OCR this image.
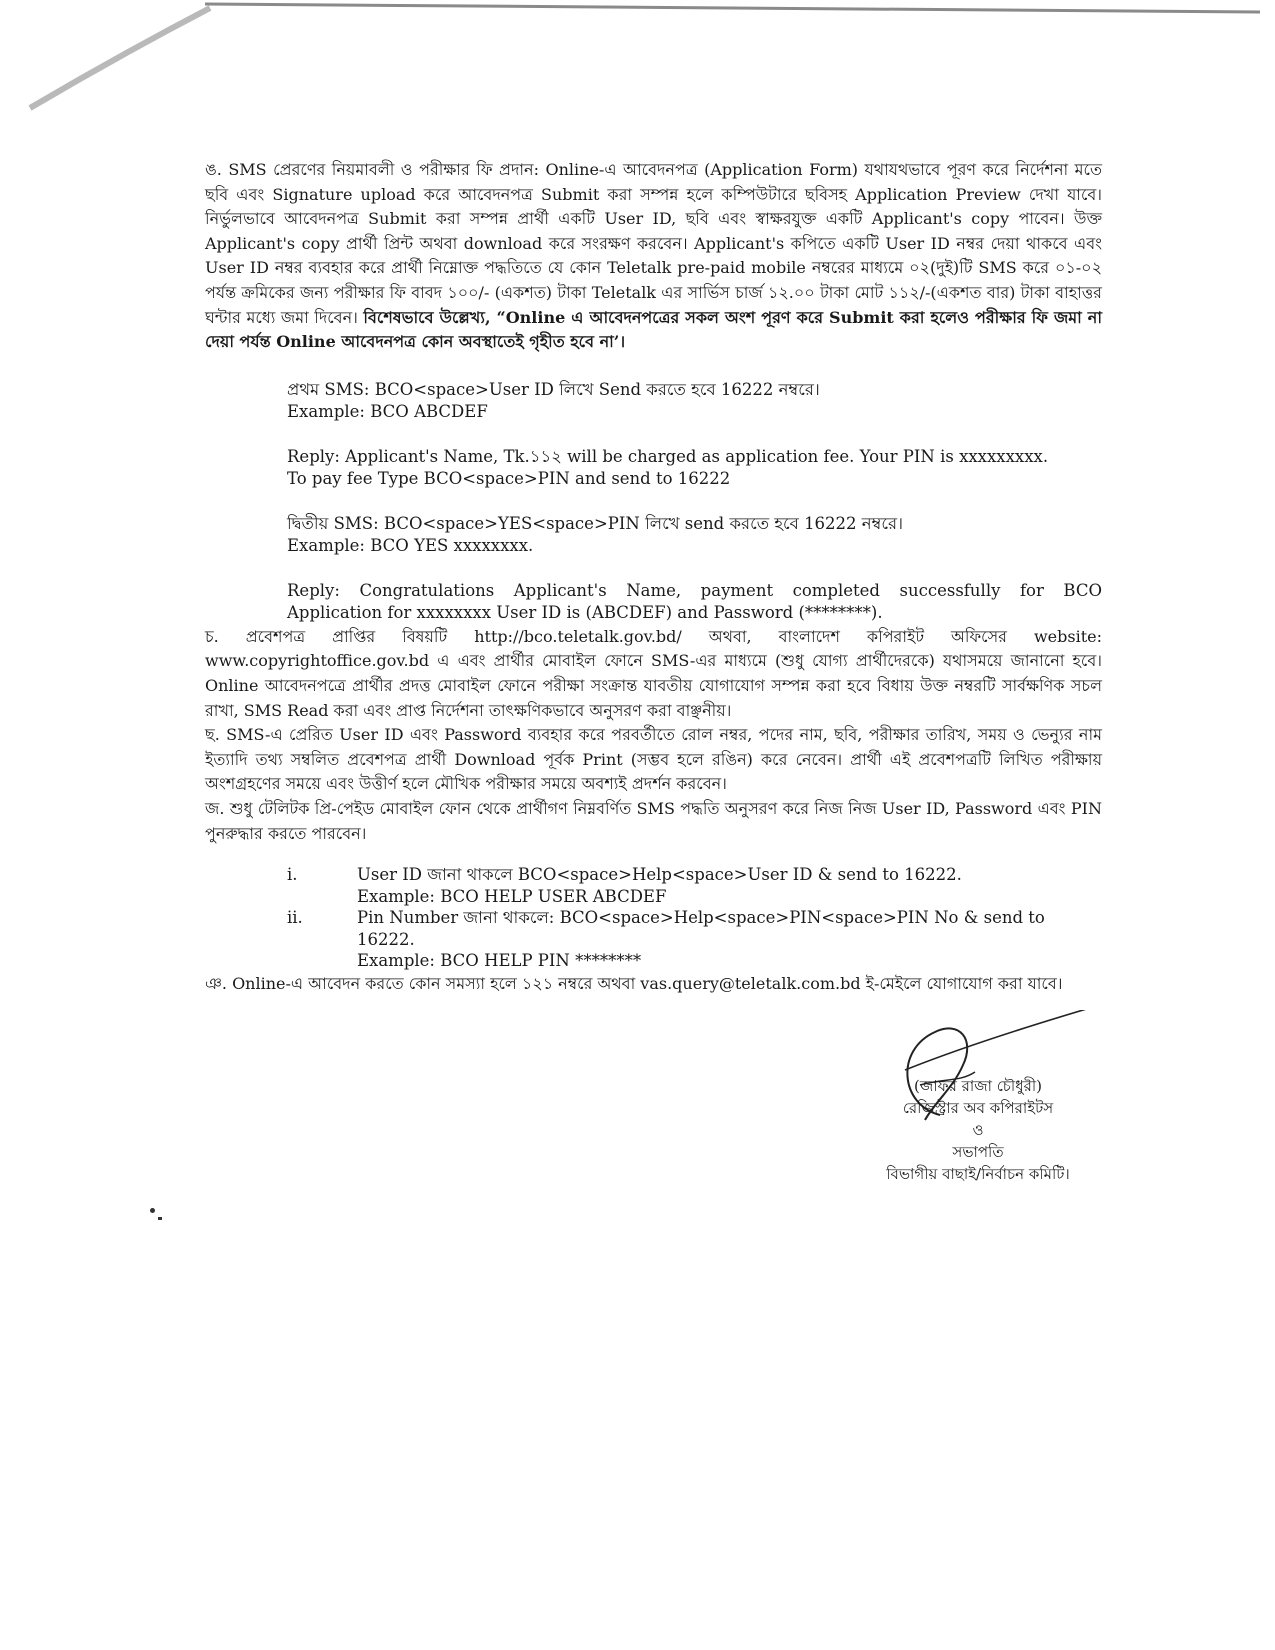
ঙ. SMS প্রেরণের নিয়মাবলী ও পরীক্ষার ফি প্রদান: Online-এ আবেদনপত্র (Application Form) যথাযথভাবে পূরণ করে নির্দেশনা মতে ছবি এবং Signature upload করে আবেদনপত্র Submit করা সম্পন্ন হলে কম্পিউটারে ছবিসহ Application Preview দেখা যাবে। নির্ভুলভাবে আবেদনপত্র Submit করা সম্পন্ন প্রার্থী একটি User ID, ছবি এবং স্বাক্ষরযুক্ত একটি Applicant's copy পাবেন। উক্ত Applicant's copy প্রার্থী প্রিন্ট অথবা download করে সংরক্ষণ করবেন। Applicant's কপিতে একটি User ID নম্বর দেয়া থাকবে এবং User ID নম্বর ব্যবহার করে প্রার্থী নিম্নোক্ত পদ্ধতিতে যে কোন Teletalk pre-paid mobile নম্বরের মাধ্যমে ০২(দুই)টি SMS করে ০১-০২ পর্যন্ত ক্রমিকের জন্য পরীক্ষার ফি বাবদ ১০০/- (একশত) টাকা Teletalk এর সার্ভিস চার্জ ১২.০০ টাকা মোট ১১২/-(একশত বার) টাকা বাহাত্তর ঘন্টার মধ্যে জমা দিবেন। বিশেষভাবে উল্লেখ্য, “Online এ আবেদনপত্রের সকল অংশ পূরণ করে Submit করা হলেও পরীক্ষার ফি জমা না দেয়া পর্যন্ত Online আবেদনপত্র কোন অবস্থাতেই গৃহীত হবে না’।

প্রথম SMS: BCO<space>User ID লিখে Send করতে হবে 16222 নম্বরে।

Example: BCO ABCDEF

Reply: Applicant's Name, Tk.১১২ will be charged as application fee. Your PIN is xxxxxxxxx.

To pay fee Type BCO<space>PIN and send to 16222

দ্বিতীয় SMS: BCO<space>YES<space>PIN লিখে send করতে হবে 16222 নম্বরে।

Example: BCO YES xxxxxxxx.

Reply: Congratulations Applicant's Name, payment completed successfully for BCO

Application for xxxxxxxx User ID is (ABCDEF) and Password (********).

চ. প্রবেশপত্র প্রাপ্তির বিষয়টি http://bco.teletalk.gov.bd/ অথবা, বাংলাদেশ কপিরাইট অফিসের website: www.copyrightoffice.gov.bd এ এবং প্রার্থীর মোবাইল ফোনে SMS-এর মাধ্যমে (শুধু যোগ্য প্রার্থীদেরকে) যথাসময়ে জানানো হবে। Online আবেদনপত্রে প্রার্থীর প্রদত্ত মোবাইল ফোনে পরীক্ষা সংক্রান্ত যাবতীয় যোগাযোগ সম্পন্ন করা হবে বিধায় উক্ত নম্বরটি সার্বক্ষণিক সচল রাখা, SMS Read করা এবং প্রাপ্ত নির্দেশনা তাৎক্ষণিকভাবে অনুসরণ করা বাঞ্ছনীয়।

ছ. SMS-এ প্রেরিত User ID এবং Password ব্যবহার করে পরবর্তীতে রোল নম্বর, পদের নাম, ছবি, পরীক্ষার তারিখ, সময় ও ভেন্যুর নাম ইত্যাদি তথ্য সম্বলিত প্রবেশপত্র প্রার্থী Download পূর্বক Print (সম্ভব হলে রঙিন) করে নেবেন। প্রার্থী এই প্রবেশপত্রটি লিখিত পরীক্ষায় অংশগ্রহণের সময়ে এবং উত্তীর্ণ হলে মৌখিক পরীক্ষার সময়ে অবশ্যই প্রদর্শন করবেন।

জ. শুধু টেলিটক প্রি-পেইড মোবাইল ফোন থেকে প্রার্থীগণ নিম্নবর্ণিত SMS পদ্ধতি অনুসরণ করে নিজ নিজ User ID, Password এবং PIN পুনরুদ্ধার করতে পারবেন।

i.	User ID জানা থাকলে BCO<space>Help<space>User ID & send to 16222.
Example: BCO HELP USER ABCDEF
ii.	Pin Number জানা থাকলে: BCO<space>Help<space>PIN<space>PIN No & send to 16222.
Example: BCO HELP PIN ********

ঞ. Online-এ আবেদন করতে কোন সমস্যা হলে ১২১ নম্বরে অথবা vas.query@teletalk.com.bd ই-মেইলে যোগাযোগ করা যাবে।

(জাফর রাজা চৌধুরী)

রেজিস্ট্রার অব কপিরাইটস

ও

সভাপতি

বিভাগীয় বাছাই/নির্বাচন কমিটি।
